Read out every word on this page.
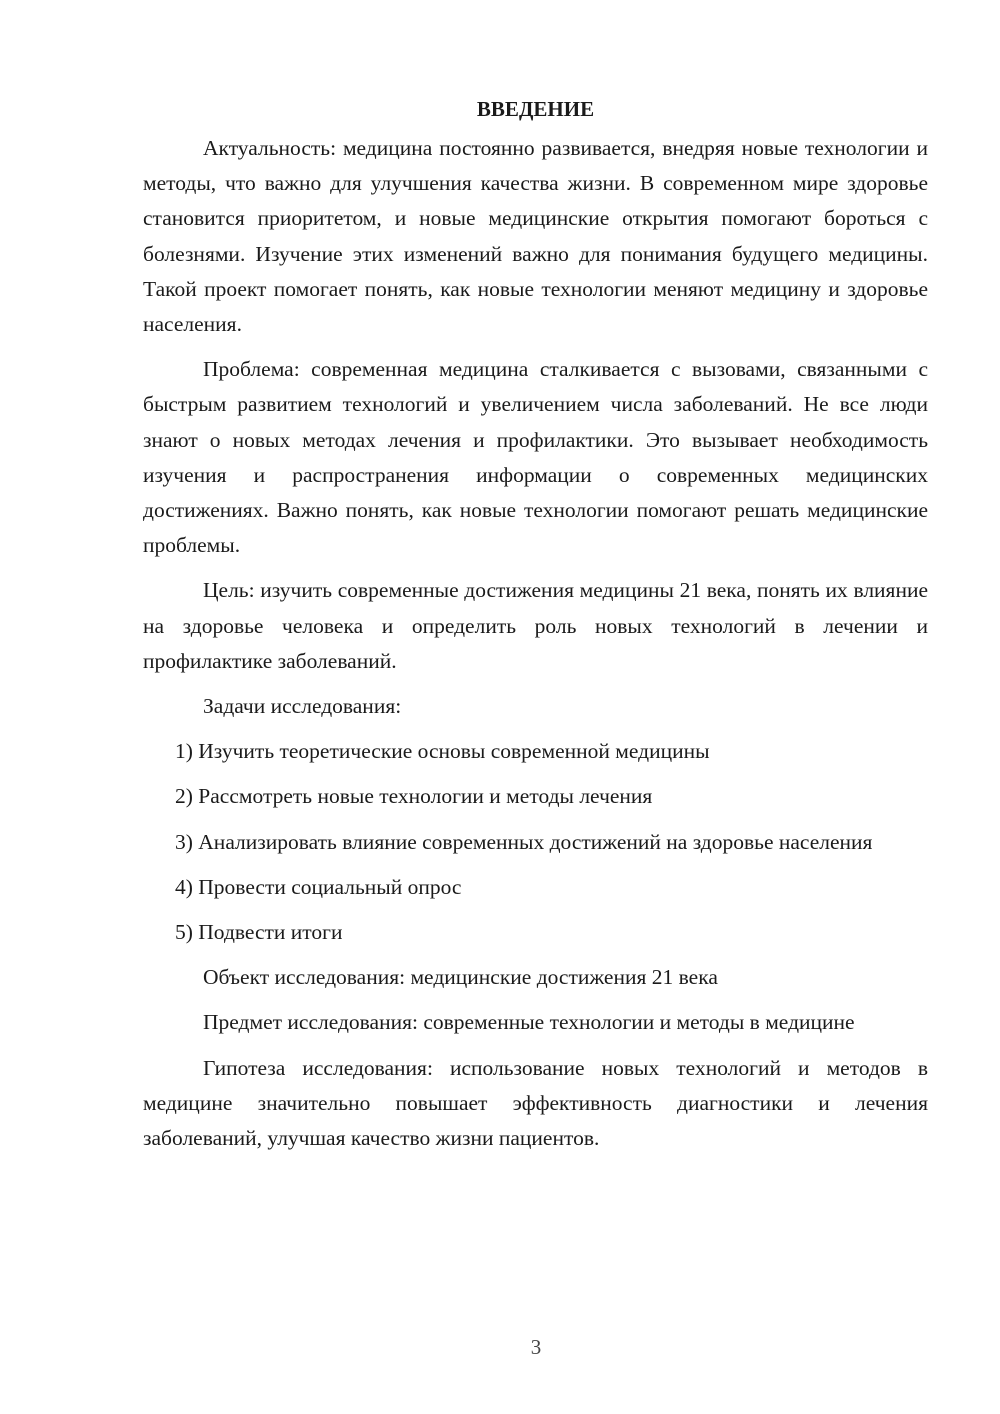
ВВЕДЕНИЕ

Актуальность: медицина постоянно развивается, внедряя новые технологии и методы, что важно для улучшения качества жизни. В современном мире здоровье становится приоритетом, и новые медицинские открытия помогают бороться с болезнями. Изучение этих изменений важно для понимания будущего медицины. Такой проект помогает понять, как новые технологии меняют медицину и здоровье населения.

Проблема: современная медицина сталкивается с вызовами, связанными с быстрым развитием технологий и увеличением числа заболеваний. Не все люди знают о новых методах лечения и профилактики. Это вызывает необходимость изучения и распространения информации о современных медицинских достижениях. Важно понять, как новые технологии помогают решать медицинские проблемы.

Цель: изучить современные достижения медицины 21 века, понять их влияние на здоровье человека и определить роль новых технологий в лечении и профилактике заболеваний.

Задачи исследования:

1) Изучить теоретические основы современной медицины

2) Рассмотреть новые технологии и методы лечения

3) Анализировать влияние современных достижений на здоровье населения

4) Провести социальный опрос

5) Подвести итоги

Объект исследования: медицинские достижения 21 века

Предмет исследования: современные технологии и методы в медицине

Гипотеза исследования: использование новых технологий и методов в медицине значительно повышает эффективность диагностики и лечения заболеваний, улучшая качество жизни пациентов.

3
